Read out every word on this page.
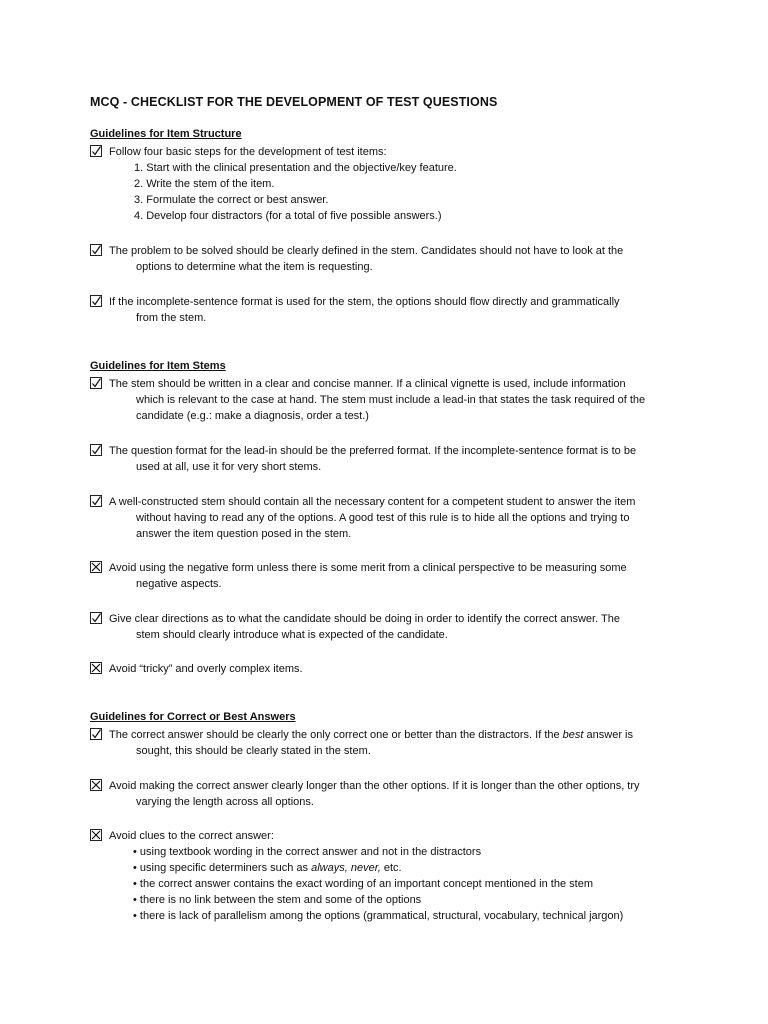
MCQ - CHECKLIST FOR THE DEVELOPMENT OF TEST QUESTIONS
Guidelines for Item Structure
Follow four basic steps for the development of test items:
1. Start with the clinical presentation and the objective/key feature.
2. Write the stem of the item.
3. Formulate the correct or best answer.
4. Develop four distractors (for a total of five possible answers.)
The problem to be solved should be clearly defined in the stem. Candidates should not have to look at the
options to determine what the item is requesting.
If the incomplete-sentence format is used for the stem, the options should flow directly and grammatically
from the stem.
Guidelines for Item Stems
The stem should be written in a clear and concise manner. If a clinical vignette is used, include information
which is relevant to the case at hand. The stem must include a lead-in that states the task required of the
candidate (e.g.: make a diagnosis, order a test.)
The question format for the lead-in should be the preferred format. If the incomplete-sentence format is to be
used at all, use it for very short stems.
A well-constructed stem should contain all the necessary content for a competent student to answer the item
without having to read any of the options. A good test of this rule is to hide all the options and trying to
answer the item question posed in the stem.
Avoid using the negative form unless there is some merit from a clinical perspective to be measuring some
negative aspects.
Give clear directions as to what the candidate should be doing in order to identify the correct answer. The
stem should clearly introduce what is expected of the candidate.
Avoid “tricky” and overly complex items.
Guidelines for Correct or Best Answers
The correct answer should be clearly the only correct one or better than the distractors. If the best answer is
sought, this should be clearly stated in the stem.
Avoid making the correct answer clearly longer than the other options. If it is longer than the other options, try
varying the length across all options.
Avoid clues to the correct answer:
• using textbook wording in the correct answer and not in the distractors
• using specific determiners such as always, never, etc.
• the correct answer contains the exact wording of an important concept mentioned in the stem
• there is no link between the stem and some of the options
• there is lack of parallelism among the options (grammatical, structural, vocabulary, technical jargon)
